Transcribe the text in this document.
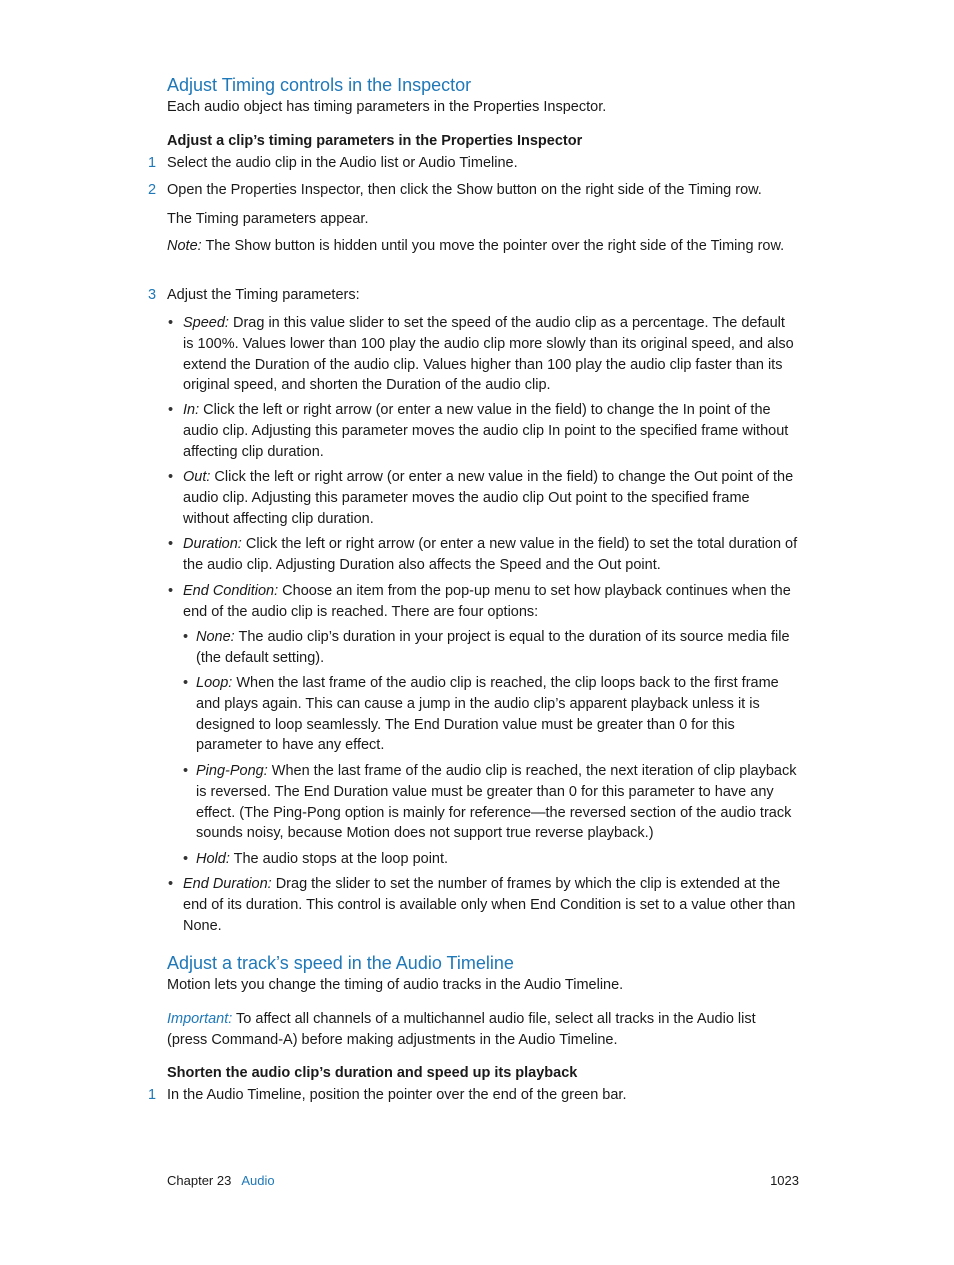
Adjust Timing controls in the Inspector

Each audio object has timing parameters in the Properties Inspector.

Adjust a clip’s timing parameters in the Properties Inspector

1 Select the audio clip in the Audio list or Audio Timeline.

2 Open the Properties Inspector, then click the Show button on the right side of the Timing row.

The Timing parameters appear.

Note: The Show button is hidden until you move the pointer over the right side of the Timing row.

3 Adjust the Timing parameters:

• Speed: Drag in this value slider to set the speed of the audio clip as a percentage. The default is 100%. Values lower than 100 play the audio clip more slowly than its original speed, and also extend the Duration of the audio clip. Values higher than 100 play the audio clip faster than its original speed, and shorten the Duration of the audio clip.

• In: Click the left or right arrow (or enter a new value in the field) to change the In point of the audio clip. Adjusting this parameter moves the audio clip In point to the specified frame without affecting clip duration.

• Out: Click the left or right arrow (or enter a new value in the field) to change the Out point of the audio clip. Adjusting this parameter moves the audio clip Out point to the specified frame without affecting clip duration.

• Duration: Click the left or right arrow (or enter a new value in the field) to set the total duration of the audio clip. Adjusting Duration also affects the Speed and the Out point.

• End Condition: Choose an item from the pop-up menu to set how playback continues when the end of the audio clip is reached. There are four options:

• None: The audio clip’s duration in your project is equal to the duration of its source media file (the default setting).

• Loop: When the last frame of the audio clip is reached, the clip loops back to the first frame and plays again. This can cause a jump in the audio clip’s apparent playback unless it is designed to loop seamlessly. The End Duration value must be greater than 0 for this parameter to have any effect.

• Ping-Pong: When the last frame of the audio clip is reached, the next iteration of clip playback is reversed. The End Duration value must be greater than 0 for this parameter to have any effect. (The Ping-Pong option is mainly for reference—the reversed section of the audio track sounds noisy, because Motion does not support true reverse playback.)

• Hold: The audio stops at the loop point.

• End Duration: Drag the slider to set the number of frames by which the clip is extended at the end of its duration. This control is available only when End Condition is set to a value other than None.

Adjust a track’s speed in the Audio Timeline

Motion lets you change the timing of audio tracks in the Audio Timeline.

Important: To affect all channels of a multichannel audio file, select all tracks in the Audio list (press Command-A) before making adjustments in the Audio Timeline.

Shorten the audio clip’s duration and speed up its playback

1 In the Audio Timeline, position the pointer over the end of the green bar.

Chapter 23 Audio	1023
